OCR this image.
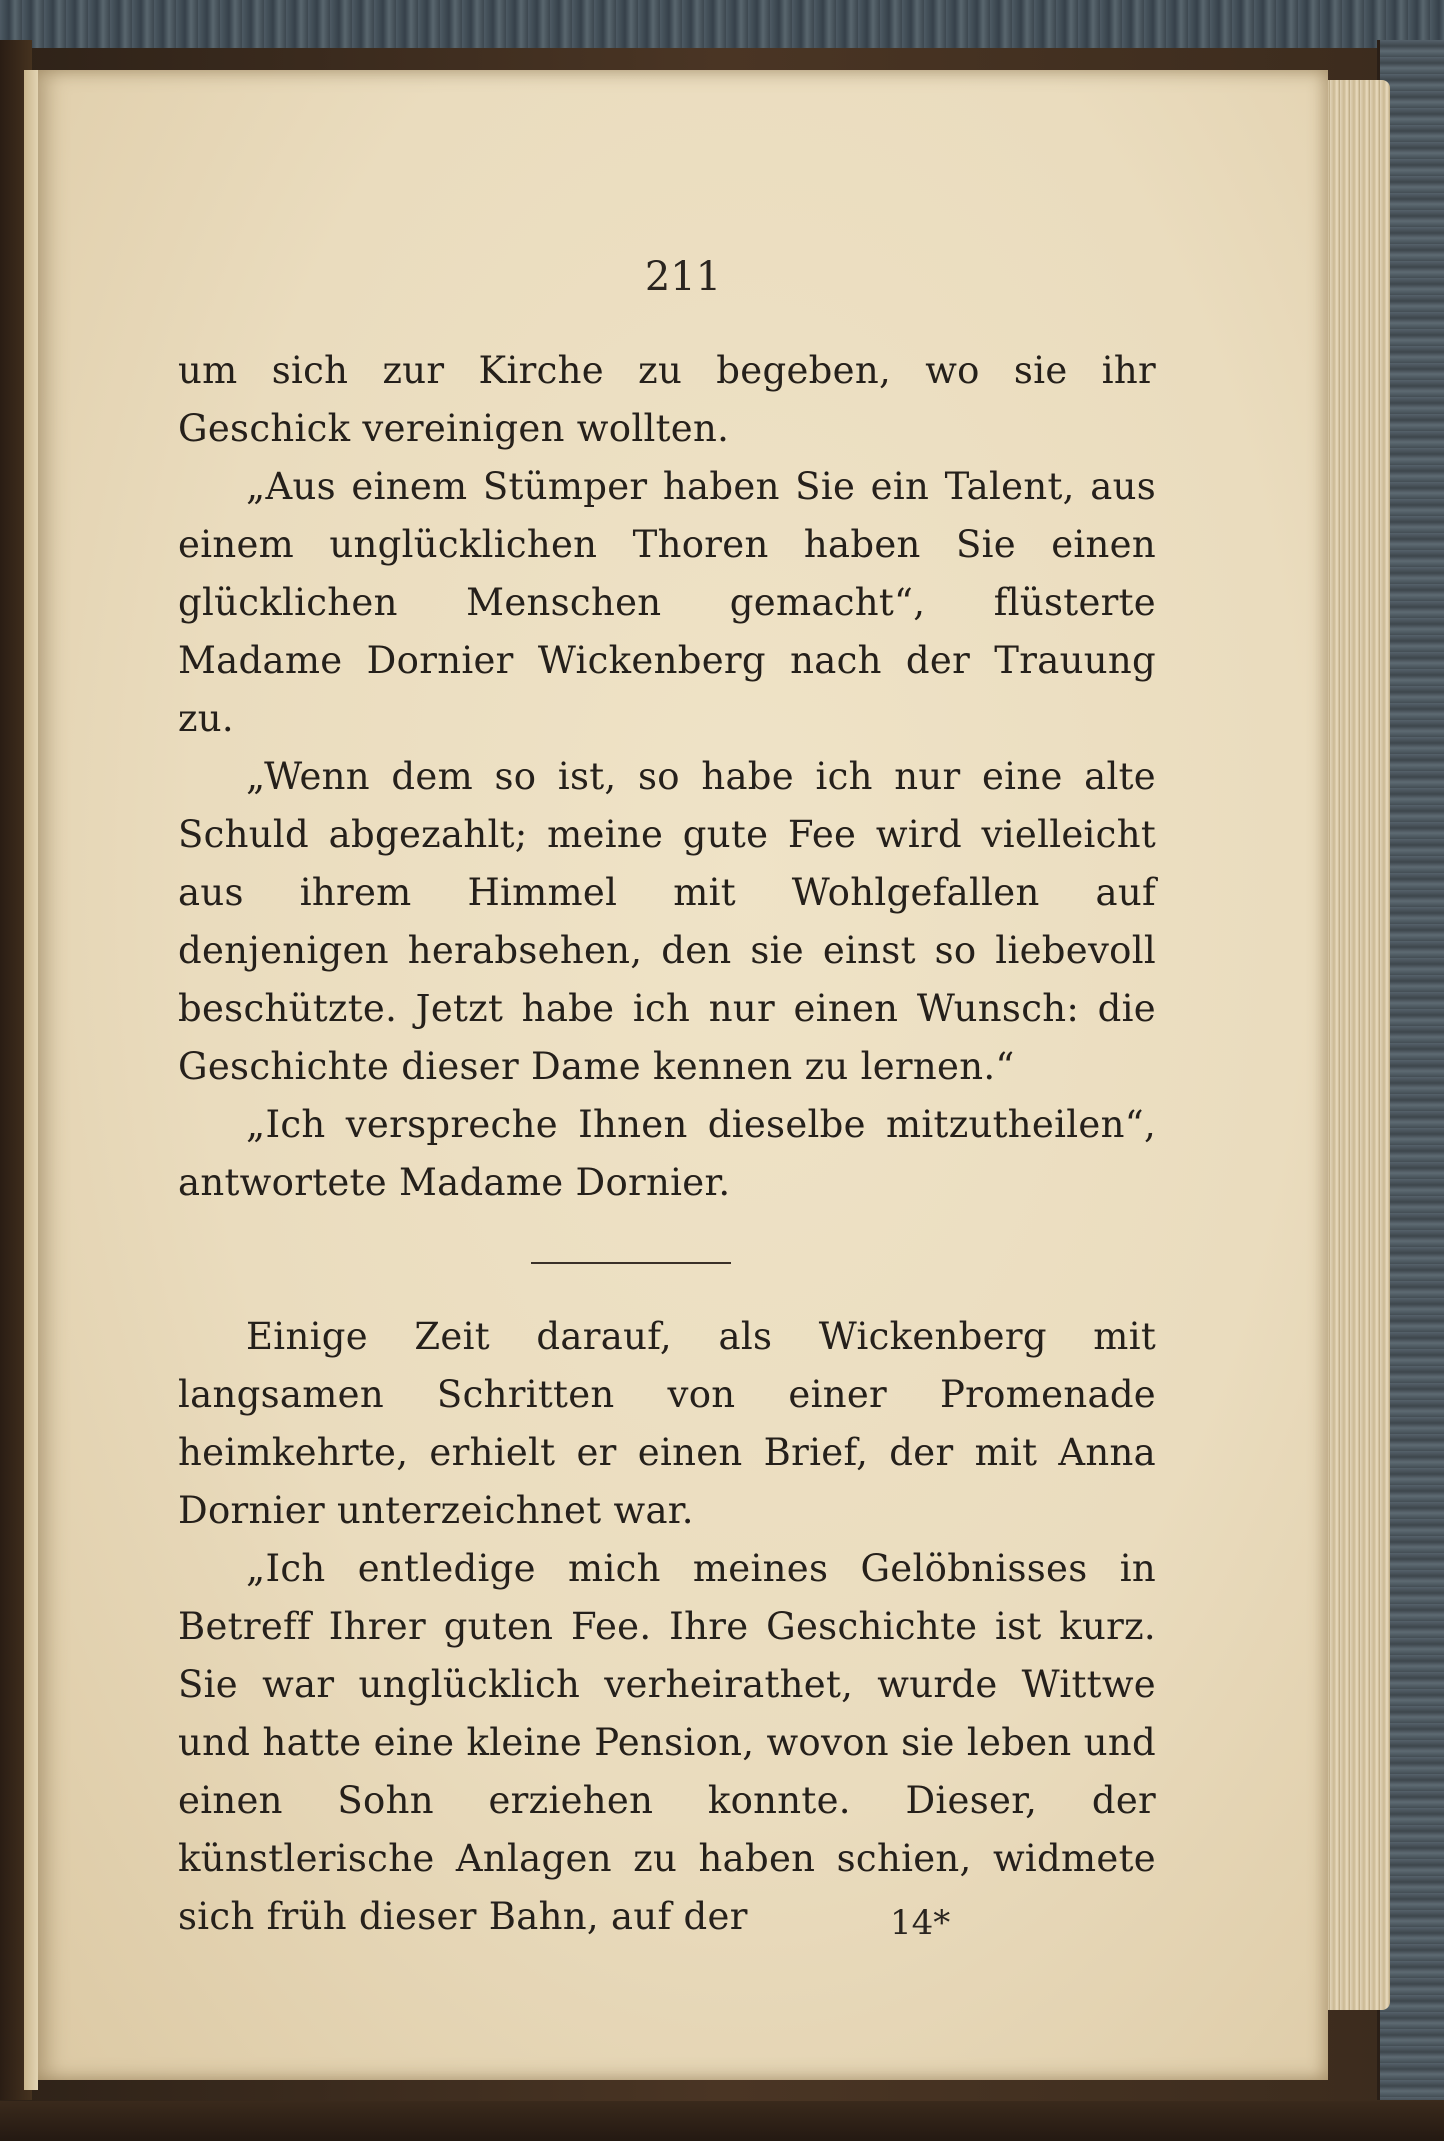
211

um sich zur Kirche zu begeben, wo sie ihr Geschick vereinigen wollten.

„Aus einem Stümper haben Sie ein Talent, aus einem unglücklichen Thoren haben Sie einen glücklichen Menschen gemacht“, flüsterte Madame Dornier Wickenberg nach der Trauung zu.

„Wenn dem so ist, so habe ich nur eine alte Schuld abgezahlt; meine gute Fee wird vielleicht aus ihrem Himmel mit Wohlgefallen auf denjenigen herabsehen, den sie einst so liebevoll beschützte. Jetzt habe ich nur einen Wunsch: die Geschichte dieser Dame kennen zu lernen.“

„Ich verspreche Ihnen dieselbe mitzutheilen“, antwortete Madame Dornier.

Einige Zeit darauf, als Wickenberg mit langsamen Schritten von einer Promenade heimkehrte, erhielt er einen Brief, der mit Anna Dornier unterzeichnet war.

„Ich entledige mich meines Gelöbnisses in Betreff Ihrer guten Fee. Ihre Geschichte ist kurz. Sie war unglücklich verheirathet, wurde Wittwe und hatte eine kleine Pension, wovon sie leben und einen Sohn erziehen konnte. Dieser, der künstlerische Anlagen zu haben schien, widmete sich früh dieser Bahn, auf der	14*
